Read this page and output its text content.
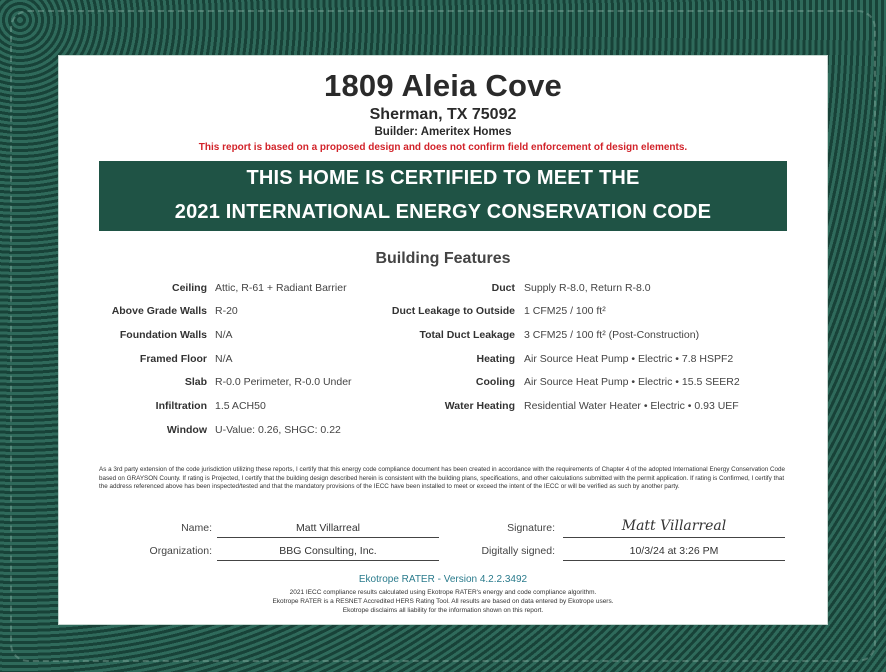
1809 Aleia Cove
Sherman, TX 75092
Builder: Ameritex Homes
This report is based on a proposed design and does not confirm field enforcement of design elements.
THIS HOME IS CERTIFIED TO MEET THE
2021 INTERNATIONAL ENERGY CONSERVATION CODE
Building Features
Ceiling Attic, R-61 + Radiant Barrier
Above Grade Walls R-20
Foundation Walls N/A
Framed Floor N/A
Slab R-0.0 Perimeter, R-0.0 Under
Infiltration 1.5 ACH50
Window U-Value: 0.26, SHGC: 0.22
Duct Supply R-8.0, Return R-8.0
Duct Leakage to Outside 1 CFM25 / 100 ft²
Total Duct Leakage 3 CFM25 / 100 ft² (Post-Construction)
Heating Air Source Heat Pump • Electric • 7.8 HSPF2
Cooling Air Source Heat Pump • Electric • 15.5 SEER2
Water Heating Residential Water Heater • Electric • 0.93 UEF
As a 3rd party extension of the code jurisdiction utilizing these reports, I certify that this energy code compliance document has been created in accordance with the requirements of Chapter 4 of the adopted International Energy Conservation Code based on GRAYSON County. If rating is Projected, I certify that the building design described herein is consistent with the building plans, specifications, and other calculations submitted with the permit application. If rating is Confirmed, I certify that the address referenced above has been inspected/tested and that the mandatory provisions of the IECC have been installed to meet or exceed the intent of the IECC or will be verified as such by another party.
Name:	Matt Villarreal
Organization:	BBG Consulting, Inc.
Signature:	Matt Villarreal
Digitally signed:	10/3/24 at 3:26 PM
Ekotrope RATER - Version 4.2.2.3492
2021 IECC compliance results calculated using Ekotrope RATER's energy and code compliance algorithm.
Ekotrope RATER is a RESNET Accredited HERS Rating Tool. All results are based on data entered by Ekotrope users.
Ekotrope disclaims all liability for the information shown on this report.
